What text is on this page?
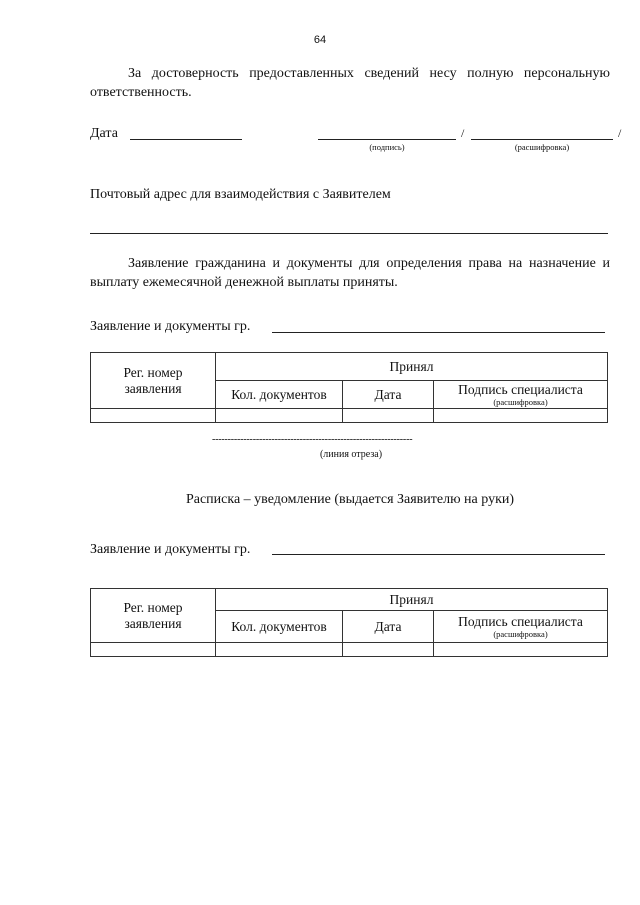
64
За достоверность предоставленных сведений несу полную персональную ответственность.
Дата	/	/
(подпись)	(расшифровка)
Почтовый адрес для взаимодействия с Заявителем
Заявление гражданина и документы для определения права на назначение и выплату ежемесячной денежной выплаты приняты.
Заявление и документы гр.
Рег. номер
заявления	Принял		
	Кол. документов	Дата	Подпись специалиста
(расшифровка)

----------------------------------------------------------------
(линия отреза)
Расписка – уведомление (выдается Заявителю на руки)
Заявление и документы гр.
Рег. номер
заявления	Принял		
	Кол. документов	Дата	Подпись специалиста
(расшифровка)
